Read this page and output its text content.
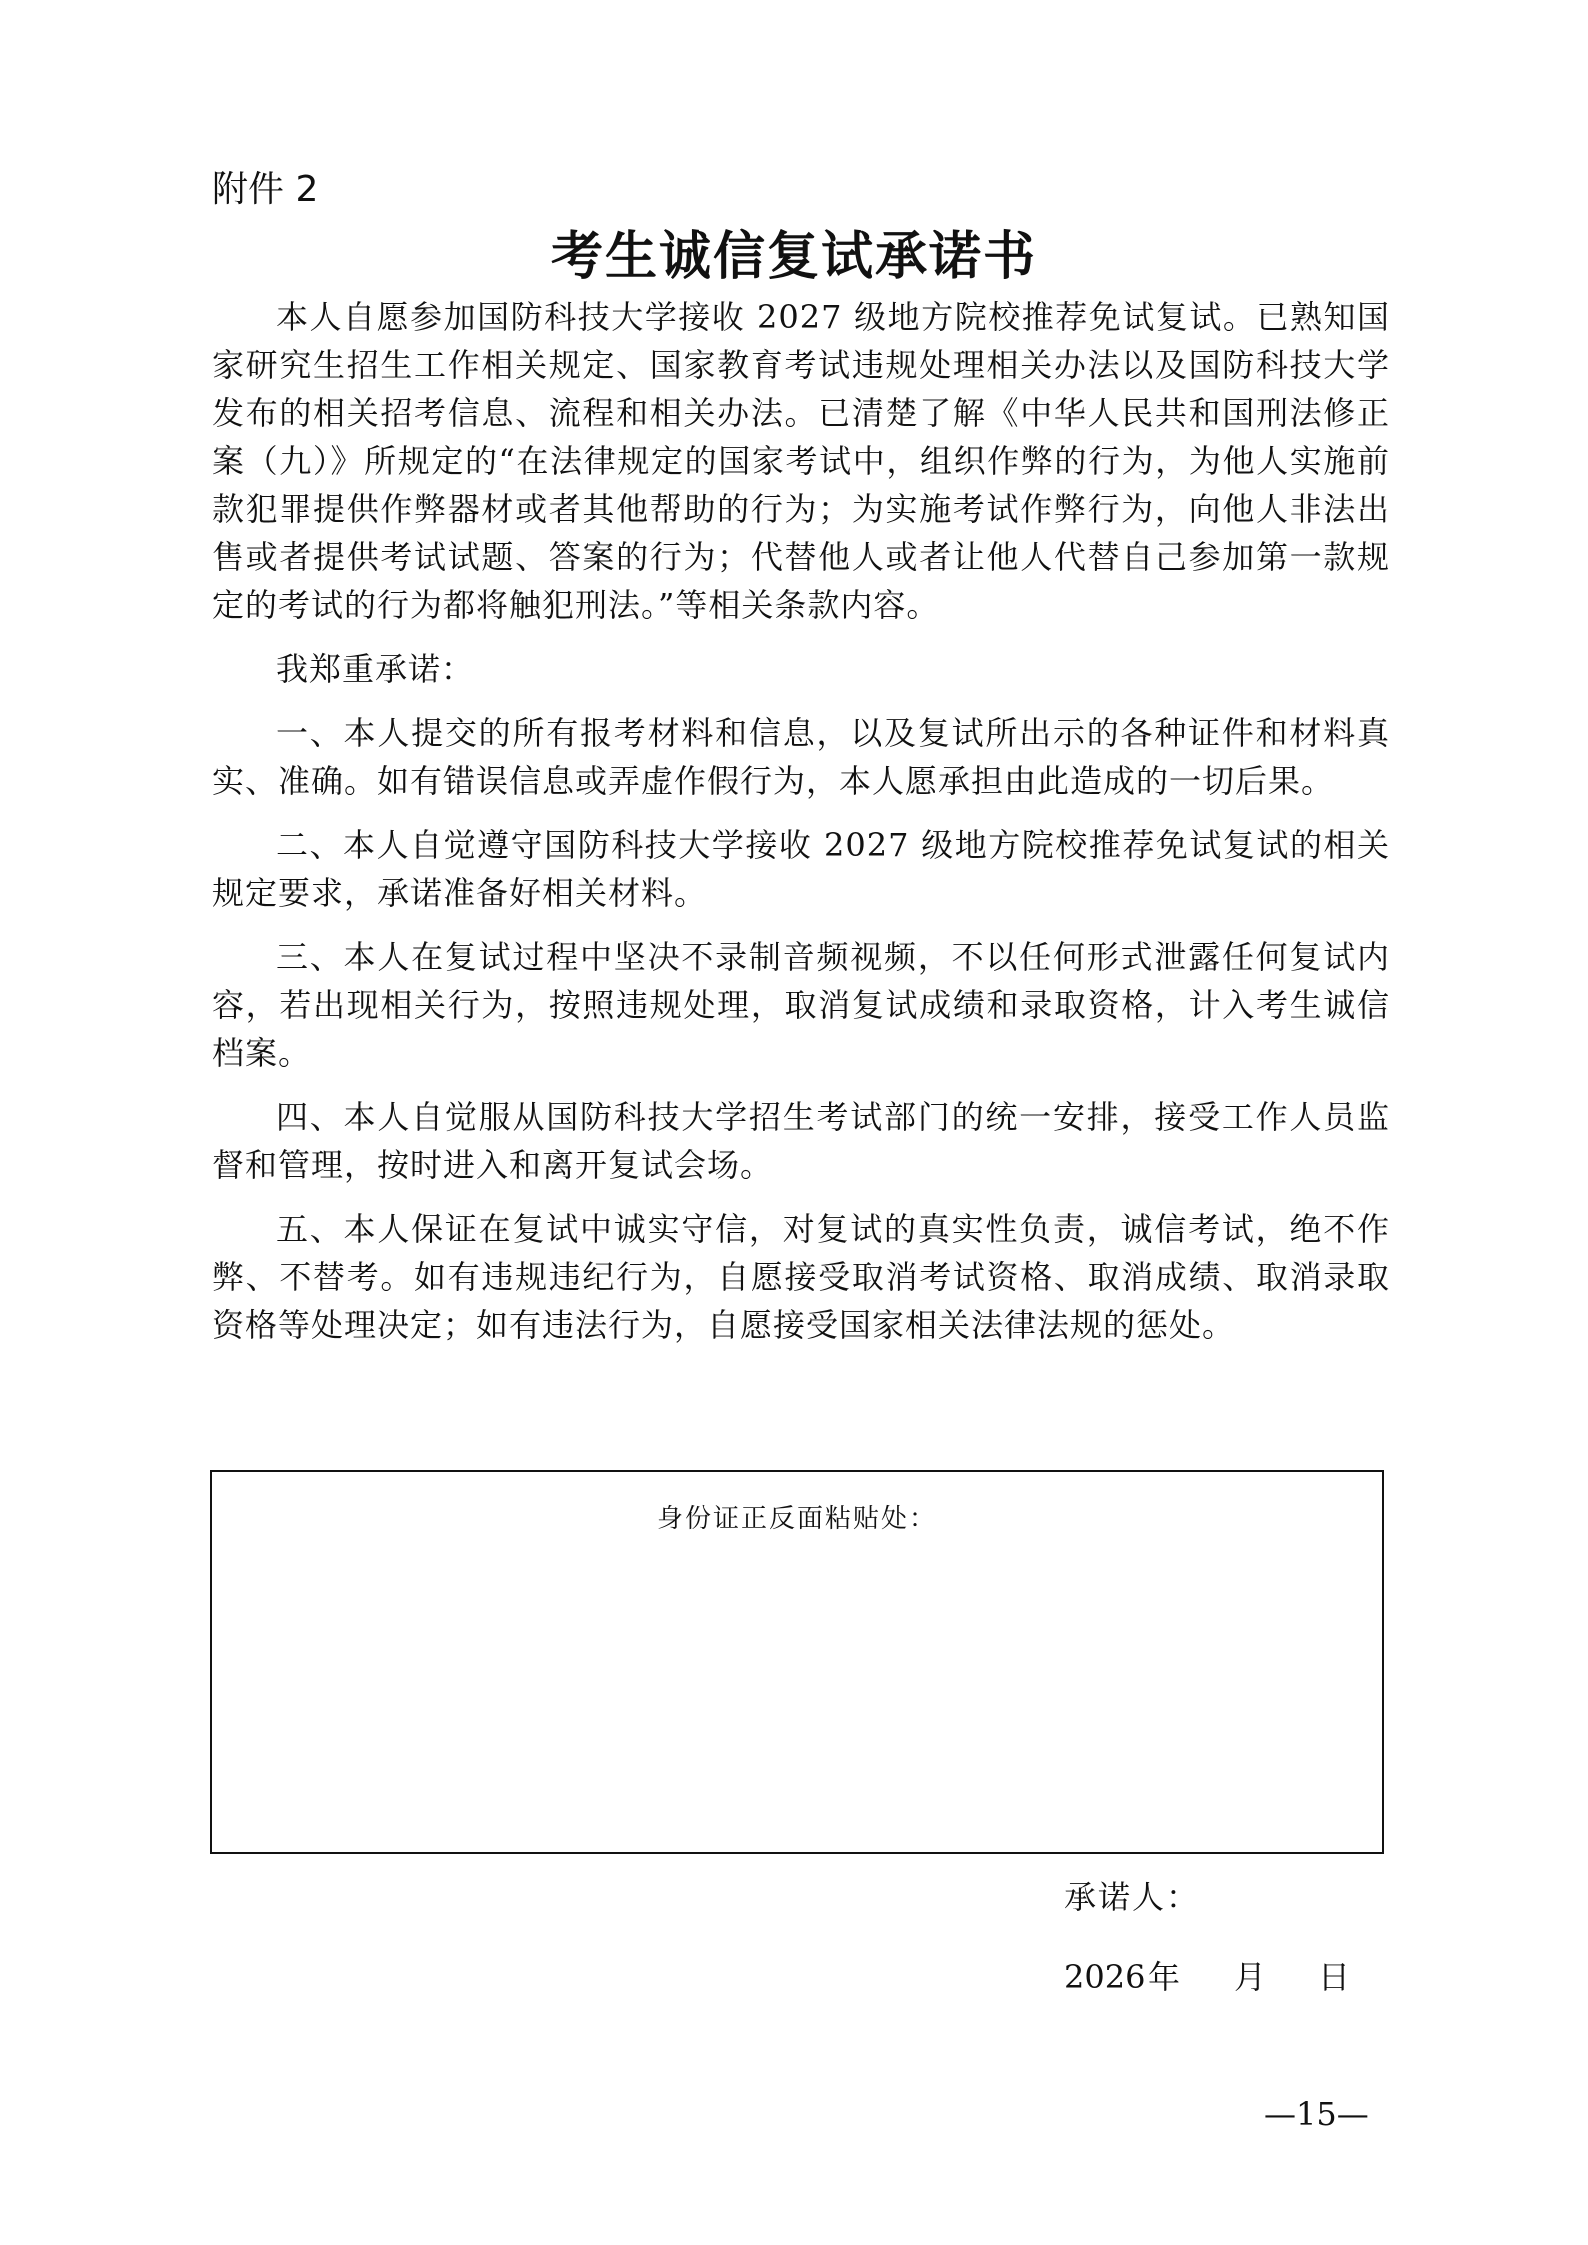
附件 2

考生诚信复试承诺书

本人自愿参加国防科技大学接收 2027 级地方院校推荐免试复试。已熟知国家研究生招生工作相关规定、国家教育考试违规处理相关办法以及国防科技大学发布的相关招考信息、流程和相关办法。已清楚了解《中华人民共和国刑法修正案（九）》所规定的“在法律规定的国家考试中，组织作弊的行为，为他人实施前款犯罪提供作弊器材或者其他帮助的行为；为实施考试作弊行为，向他人非法出售或者提供考试试题、答案的行为；代替他人或者让他人代替自己参加第一款规定的考试的行为都将触犯刑法。”等相关条款内容。

我郑重承诺：

一、本人提交的所有报考材料和信息，以及复试所出示的各种证件和材料真实、准确。如有错误信息或弄虚作假行为，本人愿承担由此造成的一切后果。

二、本人自觉遵守国防科技大学接收 2027 级地方院校推荐免试复试的相关规定要求，承诺准备好相关材料。

三、本人在复试过程中坚决不录制音频视频，不以任何形式泄露任何复试内容，若出现相关行为，按照违规处理，取消复试成绩和录取资格，计入考生诚信档案。

四、本人自觉服从国防科技大学招生考试部门的统一安排，接受工作人员监督和管理，按时进入和离开复试会场。

五、本人保证在复试中诚实守信，对复试的真实性负责，诚信考试，绝不作弊、不替考。如有违规违纪行为，自愿接受取消考试资格、取消成绩、取消录取资格等处理决定；如有违法行为，自愿接受国家相关法律法规的惩处。

身份证正反面粘贴处：
承诺人：
2026年 月 日
—15—
